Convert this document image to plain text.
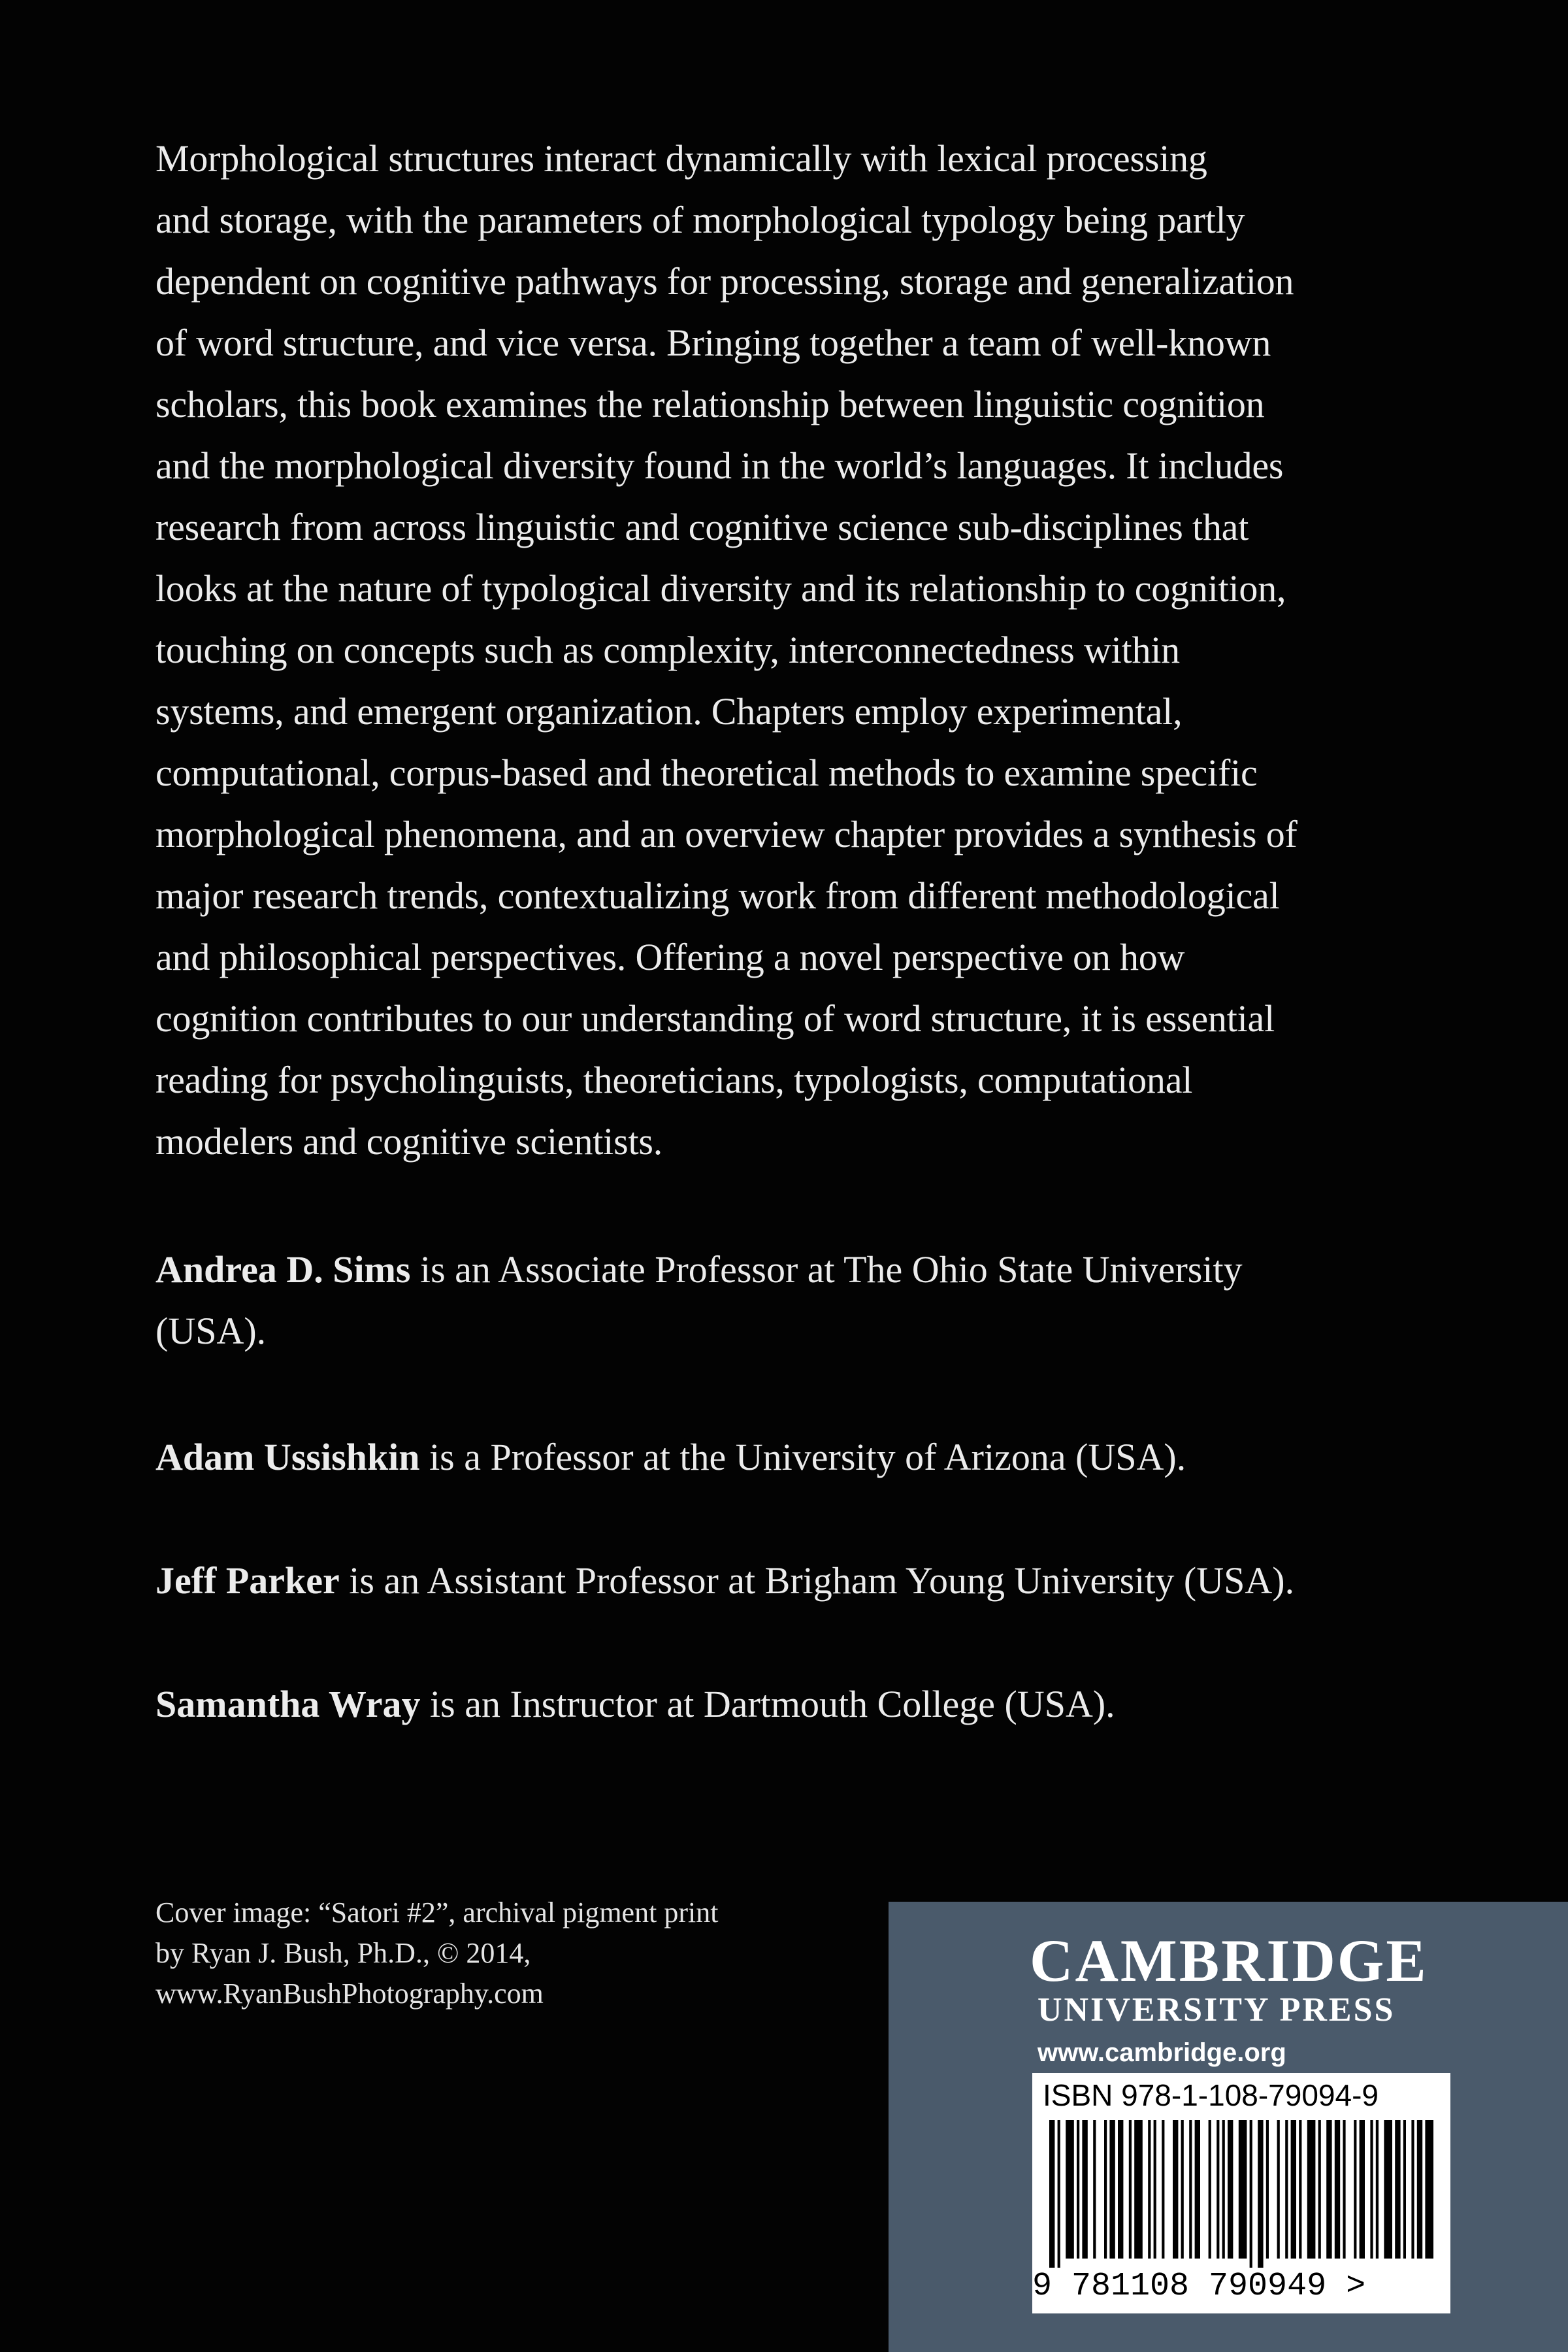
Morphological structures interact dynamically with lexical processing
and storage, with the parameters of morphological typology being partly
dependent on cognitive pathways for processing, storage and generalization
of word structure, and vice versa. Bringing together a team of well-known
scholars, this book examines the relationship between linguistic cognition
and the morphological diversity found in the world’s languages. It includes
research from across linguistic and cognitive science sub-disciplines that
looks at the nature of typological diversity and its relationship to cognition,
touching on concepts such as complexity, interconnectedness within
systems, and emergent organization. Chapters employ experimental,
computational, corpus-based and theoretical methods to examine specific
morphological phenomena, and an overview chapter provides a synthesis of
major research trends, contextualizing work from different methodological
and philosophical perspectives. Offering a novel perspective on how
cognition contributes to our understanding of word structure, it is essential
reading for psycholinguists, theoreticians, typologists, computational
modelers and cognitive scientists.
Andrea D. Sims is an Associate Professor at The Ohio State University
(USA).
Adam Ussishkin is a Professor at the University of Arizona (USA).
Jeff Parker is an Assistant Professor at Brigham Young University (USA).
Samantha Wray is an Instructor at Dartmouth College (USA).
Cover image: “Satori #2”, archival pigment print
by Ryan J. Bush, Ph.D., © 2014,
www.RyanBushPhotography.com	CAMBRIDGE
UNIVERSITY PRESS
www.cambridge.org
ISBN 978-1-108-79094-9
9 781108 790949 >
